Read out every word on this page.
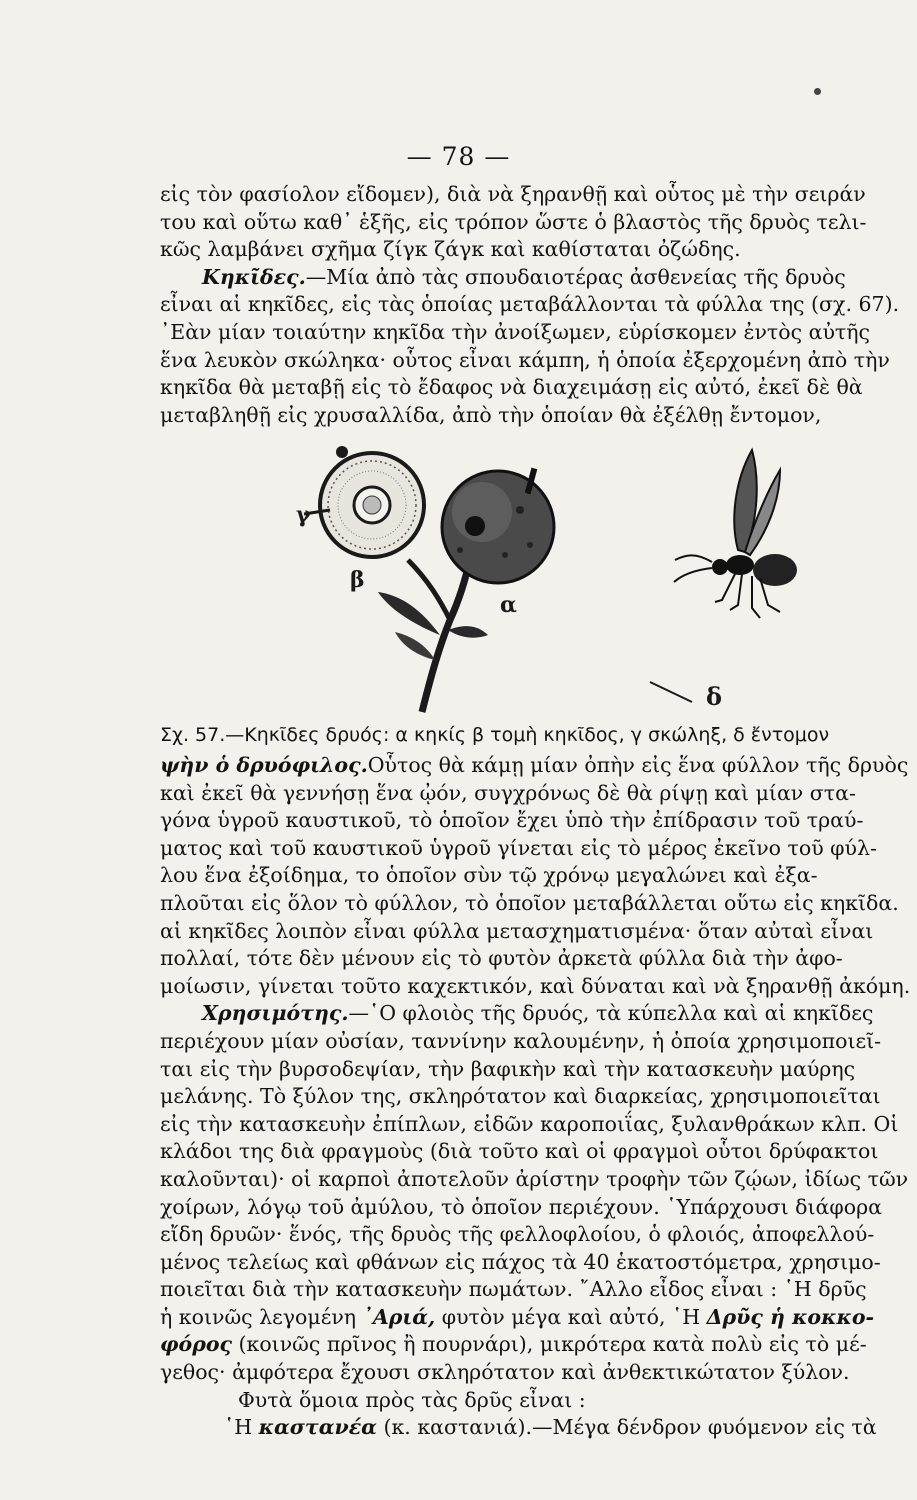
— 78 —
εἰς τὸν φασίολον εἴδομεν), διὰ νὰ ξηρανθῇ καὶ οὗτος μὲ τὴν σειράν
του καὶ οὕτω καθ᾽ ἑξῆς, εἰς τρόπον ὥστε ὁ βλαστὸς τῆς δρυὸς τελι-
κῶς λαμβάνει σχῆμα ζίγκ ζάγκ καὶ καθίσταται ὀζώδης.
Κηκῖδες.—Μία ἀπὸ τὰς σπουδαιοτέρας ἀσθενείας τῆς δρυὸς
εἶναι αἱ κηκῖδες, εἰς τὰς ὁποίας μεταβάλλονται τὰ φύλλα της (σχ. 67).
᾿Εὰν μίαν τοιαύτην κηκῖδα τὴν ἀνοίξωμεν, εὑρίσκομεν ἐντὸς αὐτῆς
ἕνα λευκὸν σκώληκα· οὗτος εἶναι κάμπη, ἡ ὁποία ἐξερχομένη ἀπὸ τὴν
κηκῖδα θὰ μεταβῇ εἰς τὸ ἔδαφος νὰ διαχειμάσῃ εἰς αὐτό, ἐκεῖ δὲ θὰ
μεταβληθῇ εἰς χρυσαλλίδα, ἀπὸ τὴν ὁποίαν θὰ ἐξέλθῃ ἔντομον,
γ
β
α
δ
Σχ. 57.—Κηκῖδες δρυός: α κηκίς β τομὴ κηκῖδος, γ σκώληξ, δ ἔντομον
ψὴν ὁ δρυόφιλος.Οὗτος θὰ κάμῃ μίαν ὀπὴν εἰς ἕνα φύλλον τῆς δρυὸς
καὶ ἐκεῖ θὰ γεννήσῃ ἕνα ᾠόν, συγχρόνως δὲ θὰ ρίψῃ καὶ μίαν στα-
γόνα ὑγροῦ καυστικοῦ, τὸ ὁποῖον ἔχει ὑπὸ τὴν ἐπίδρασιν τοῦ τραύ-
ματος καὶ τοῦ καυστικοῦ ὑγροῦ γίνεται εἰς τὸ μέρος ἐκεῖνο τοῦ φύλ-
λου ἕνα ἐξοίδημα, το ὁποῖον σὺν τῷ χρόνῳ μεγαλώνει καὶ ἐξα-
πλοῦται εἰς ὅλον τὸ φύλλον, τὸ ὁποῖον μεταβάλλεται οὕτω εἰς κηκῖδα.
αἱ κηκῖδες λοιπὸν εἶναι φύλλα μετασχηματισμένα· ὅταν αὐταὶ εἶναι
πολλαί, τότε δὲν μένουν εἰς τὸ φυτὸν ἀρκετὰ φύλλα διὰ τὴν ἀφο-
μοίωσιν, γίνεται τοῦτο καχεκτικόν, καὶ δύναται καὶ νὰ ξηρανθῇ ἀκόμη.
Χρησιμότης.—῾Ο φλοιὸς τῆς δρυός, τὰ κύπελλα καὶ αἱ κηκῖδες
περιέχουν μίαν οὐσίαν, ταννίνην καλουμένην, ἡ ὁποία χρησιμοποιεῖ-
ται εἰς τὴν βυρσοδεψίαν, τὴν βαφικὴν καὶ τὴν κατασκευὴν μαύρης
μελάνης. Τὸ ξύλον της, σκληρότατον καὶ διαρκείας, χρησιμοποιεῖται
εἰς τὴν κατασκευὴν ἐπίπλων, εἰδῶν καροποιΐας, ξυλανθράκων κλπ. Οἱ
κλάδοι της διὰ φραγμοὺς (διὰ τοῦτο καὶ οἱ φραγμοὶ οὗτοι δρύφακτοι
καλοῦνται)· οἱ καρποὶ ἀποτελοῦν ἀρίστην τροφὴν τῶν ζῴων, ἰδίως τῶν
χοίρων, λόγῳ τοῦ ἀμύλου, τὸ ὁποῖον περιέχουν. ῾Υπάρχουσι διάφορα
εἴδη δρυῶν· ἕνός, τῆς δρυὸς τῆς φελλοφλοίου, ὁ φλοιός, ἀποφελλού-
μένος τελείως καὶ φθάνων εἰς πάχος τὰ 40 ἑκατοστόμετρα, χρησιμο-
ποιεῖται διὰ τὴν κατασκευὴν πωμάτων. ῎Αλλο εἶδος εἶναι : ῾Η δρῦς
ἡ κοινῶς λεγομένη ᾿Αριά, φυτὸν μέγα καὶ αὐτό, ῾Η Δρῦς ἡ κοκκο-
φόρος (κοινῶς πρῖνος ἢ πουρνάρι), μικρότερα κατὰ πολὺ εἰς τὸ μέ-
γεθος· ἀμφότερα ἔχουσι σκληρότατον καὶ ἀνθεκτικώτατον ξύλον.
Φυτὰ ὅμοια πρὸς τὰς δρῦς εἶναι :
῾Η καστανέα (κ. καστανιά).—Μέγα δένδρον φυόμενον εἰς τὰ
